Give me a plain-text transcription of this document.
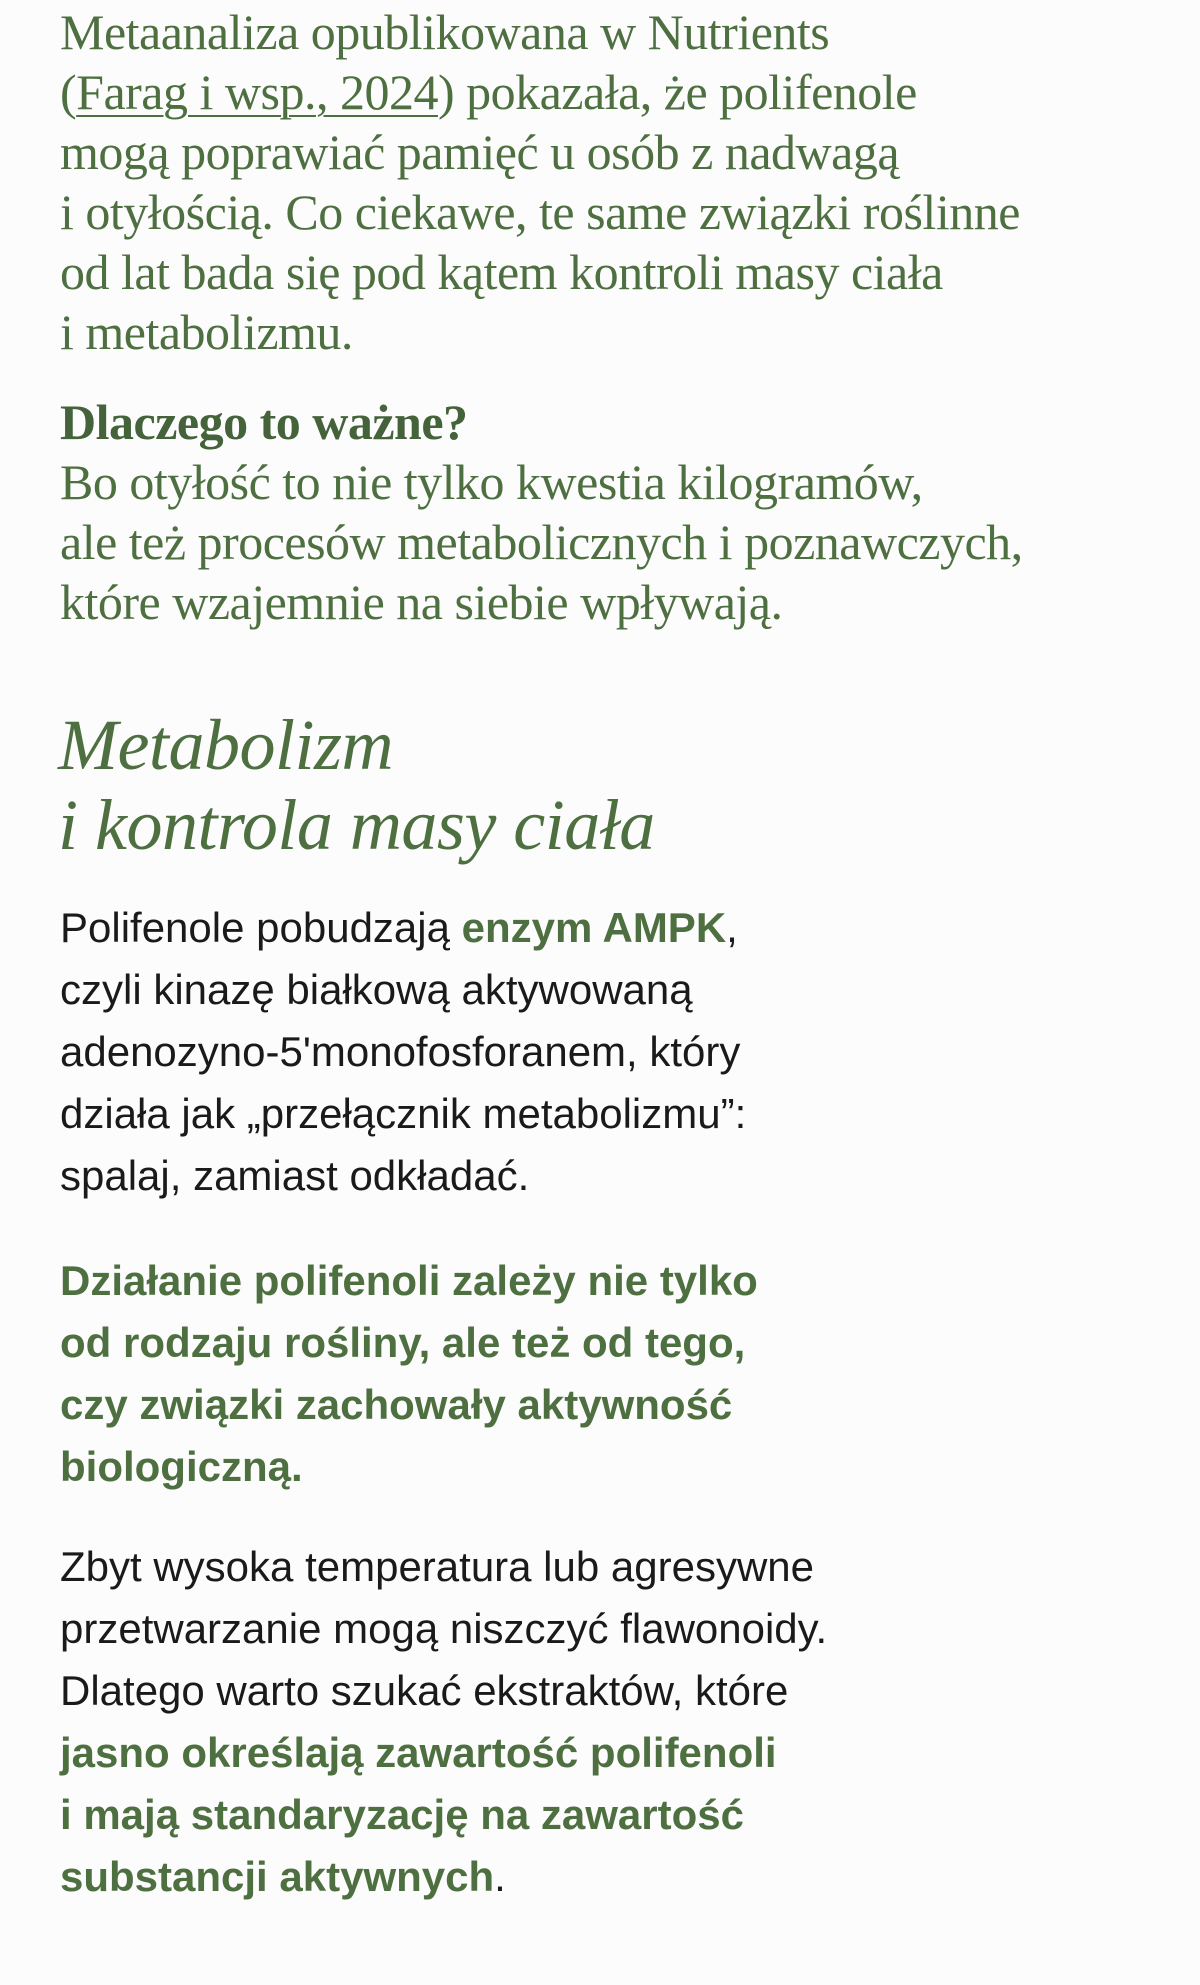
Metaanaliza opublikowana w Nutrients
(Farag i wsp., 2024) pokazała, że polifenole
mogą poprawiać pamięć u osób z nadwagą
i otyłością. Co ciekawe, te same związki roślinne
od lat bada się pod kątem kontroli masy ciała
i metabolizmu.
Dlaczego to ważne?
Bo otyłość to nie tylko kwestia kilogramów,
ale też procesów metabolicznych i poznawczych,
które wzajemnie na siebie wpływają.
Metabolizm
i kontrola masy ciała
Polifenole pobudzają enzym AMPK,
czyli kinazę białkową aktywowaną
adenozyno-5'monofosforanem, który
działa jak „przełącznik metabolizmu”:
spalaj, zamiast odkładać.
Działanie polifenoli zależy nie tylko
od rodzaju rośliny, ale też od tego,
czy związki zachowały aktywność
biologiczną.
Zbyt wysoka temperatura lub agresywne
przetwarzanie mogą niszczyć flawonoidy.
Dlatego warto szukać ekstraktów, które
jasno określają zawartość polifenoli
i mają standaryzację na zawartość
substancji aktywnych.
